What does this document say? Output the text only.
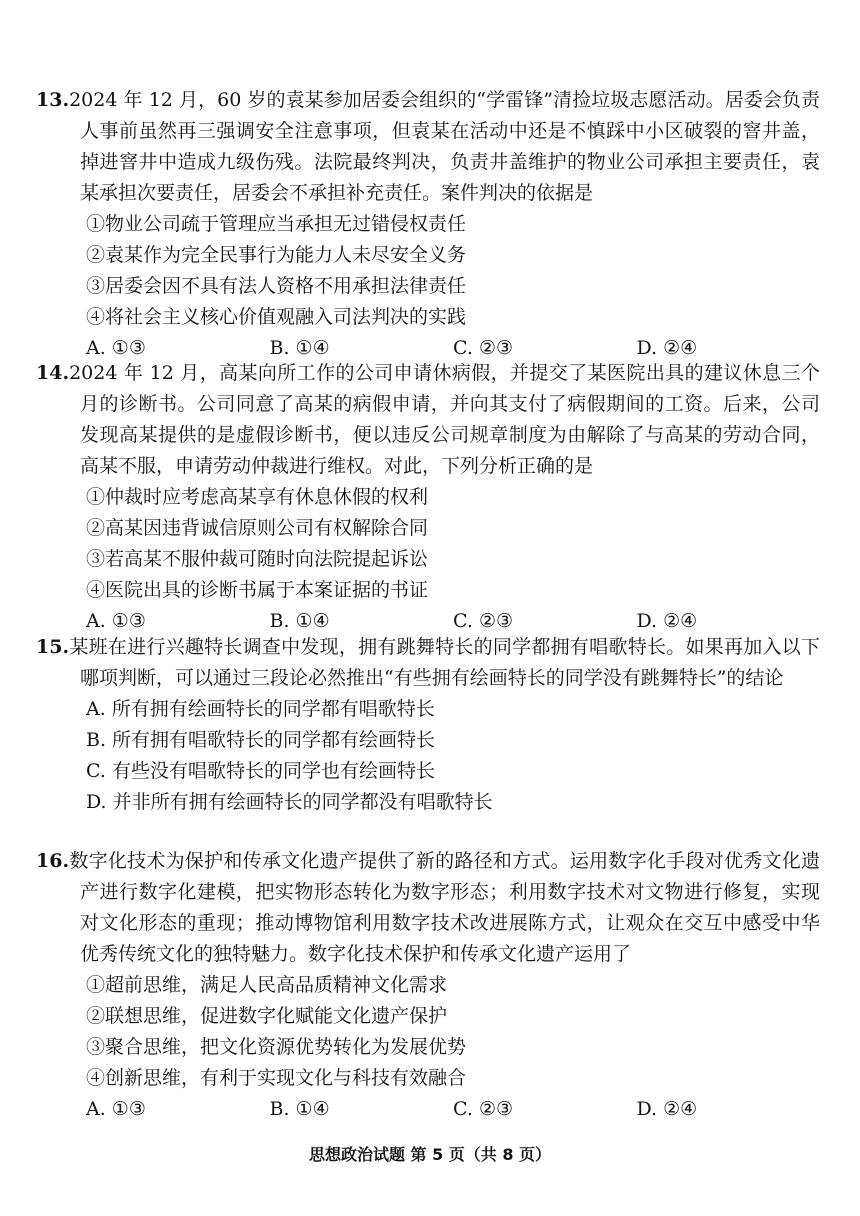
13.2024 年 12 月，60 岁的袁某参加居委会组织的“学雷锋”清捡垃圾志愿活动。居委会负责人事前虽然再三强调安全注意事项，但袁某在活动中还是不慎踩中小区破裂的窨井盖，掉进窨井中造成九级伤残。法院最终判决，负责井盖维护的物业公司承担主要责任，袁某承担次要责任，居委会不承担补充责任。案件判决的依据是

①物业公司疏于管理应当承担无过错侵权责任

②袁某作为完全民事行为能力人未尽安全义务

③居委会因不具有法人资格不用承担法律责任

④将社会主义核心价值观融入司法判决的实践

A. ①③	B. ①④	C. ②③	D. ②④

14.2024 年 12 月，高某向所工作的公司申请休病假，并提交了某医院出具的建议休息三个月的诊断书。公司同意了高某的病假申请，并向其支付了病假期间的工资。后来，公司发现高某提供的是虚假诊断书，便以违反公司规章制度为由解除了与高某的劳动合同，高某不服，申请劳动仲裁进行维权。对此，下列分析正确的是

①仲裁时应考虑高某享有休息休假的权利

②高某因违背诚信原则公司有权解除合同

③若高某不服仲裁可随时向法院提起诉讼

④医院出具的诊断书属于本案证据的书证

A. ①③	B. ①④	C. ②③	D. ②④

15.某班在进行兴趣特长调查中发现，拥有跳舞特长的同学都拥有唱歌特长。如果再加入以下哪项判断，可以通过三段论必然推出“有些拥有绘画特长的同学没有跳舞特长”的结论

A. 所有拥有绘画特长的同学都有唱歌特长

B. 所有拥有唱歌特长的同学都有绘画特长

C. 有些没有唱歌特长的同学也有绘画特长

D. 并非所有拥有绘画特长的同学都没有唱歌特长

16.数字化技术为保护和传承文化遗产提供了新的路径和方式。运用数字化手段对优秀文化遗产进行数字化建模，把实物形态转化为数字形态；利用数字技术对文物进行修复，实现对文化形态的重现；推动博物馆利用数字技术改进展陈方式，让观众在交互中感受中华优秀传统文化的独特魅力。数字化技术保护和传承文化遗产运用了

①超前思维，满足人民高品质精神文化需求

②联想思维，促进数字化赋能文化遗产保护

③聚合思维，把文化资源优势转化为发展优势

④创新思维，有利于实现文化与科技有效融合

A. ①③	B. ①④	C. ②③	D. ②④
思想政治试题 第 5 页（共 8 页）
